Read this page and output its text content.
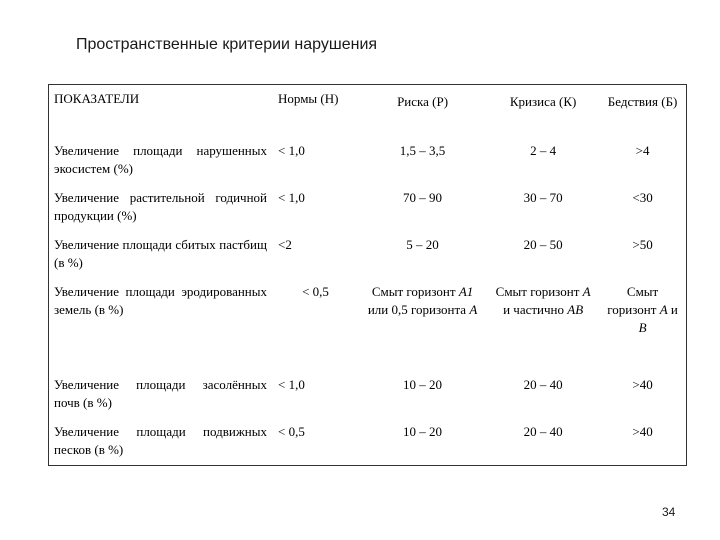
Пространственные критерии нарушения
ПОКАЗАТЕЛИ	Нормы (Н)	Риска (Р)	Кризиса (К)	Бедствия (Б)
Увеличение площади нарушенных экосистем (%)	< 1,0	1,5 – 3,5	2 – 4	>4
Увеличение растительной годичной продукции (%)	< 1,0	70 – 90	30 – 70	<30
Увеличение площади сбитых пастбищ (в %)	<2	5 – 20	20 – 50	>50
Увеличение площади эродированных земель (в %)	< 0,5	Смыт горизонт A1 или 0,5 горизонта A	Смыт горизонт A и частично AB	Смыт горизонт A и B
Увеличение площади засолённых почв (в %)	< 1,0	10 – 20	20 – 40	>40
Увеличение площади подвижных песков (в %)	< 0,5	10 – 20	20 – 40	>40
34
